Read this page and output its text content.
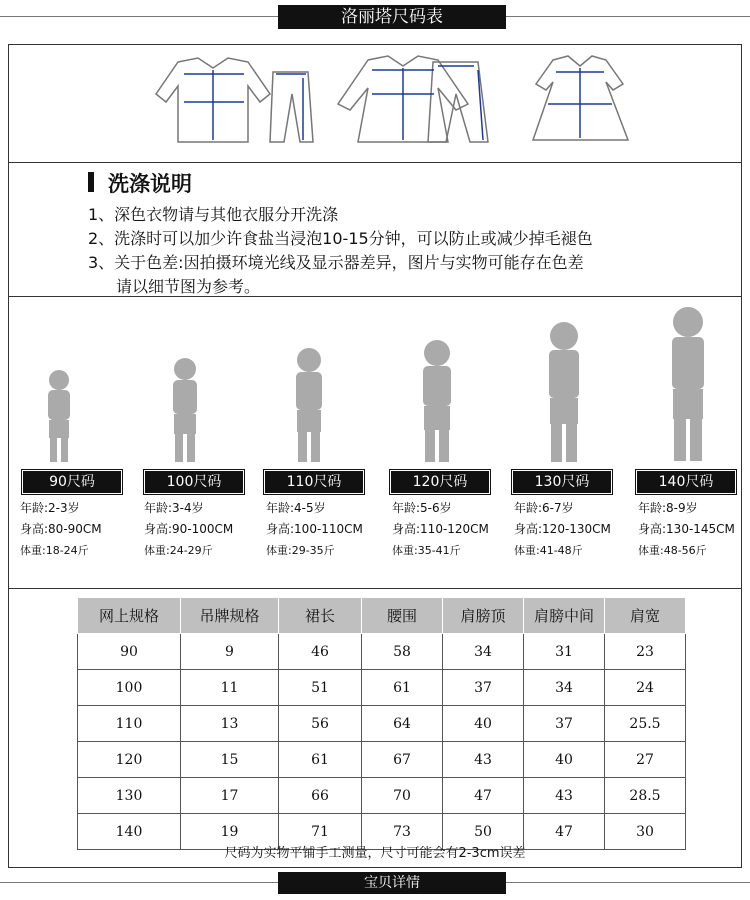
洛丽塔尺码表
洗涤说明
1、深色衣物请与其他衣服分开洗涤
2、洗涤时可以加少许食盐当浸泡10-15分钟，可以防止或减少掉毛褪色
3、关于色差:因拍摄环境光线及显示器差异，图片与实物可能存在色差
请以细节图为参考。
90尺码	100尺码	110尺码	120尺码	130尺码	140尺码
年龄:2-3岁
身高:80-90CM
体重:18-24斤
年龄:3-4岁
身高:90-100CM
体重:24-29斤
年龄:4-5岁
身高:100-110CM
体重:29-35斤
年龄:5-6岁
身高:110-120CM
体重:35-41斤
年龄:6-7岁
身高:120-130CM
体重:41-48斤
年龄:8-9岁
身高:130-145CM
体重:48-56斤
网上规格	吊牌规格	裙长	腰围	肩膀顶	肩膀中间	肩宽
90	9	46	58	34	31	23
100	11	51	61	37	34	24
110	13	56	64	40	37	25.5
120	15	61	67	43	40	27
130	17	66	70	47	43	28.5
140	19	71	73	50	47	30
尺码为实物平铺手工测量，尺寸可能会有2-3cm误差
宝贝详情
